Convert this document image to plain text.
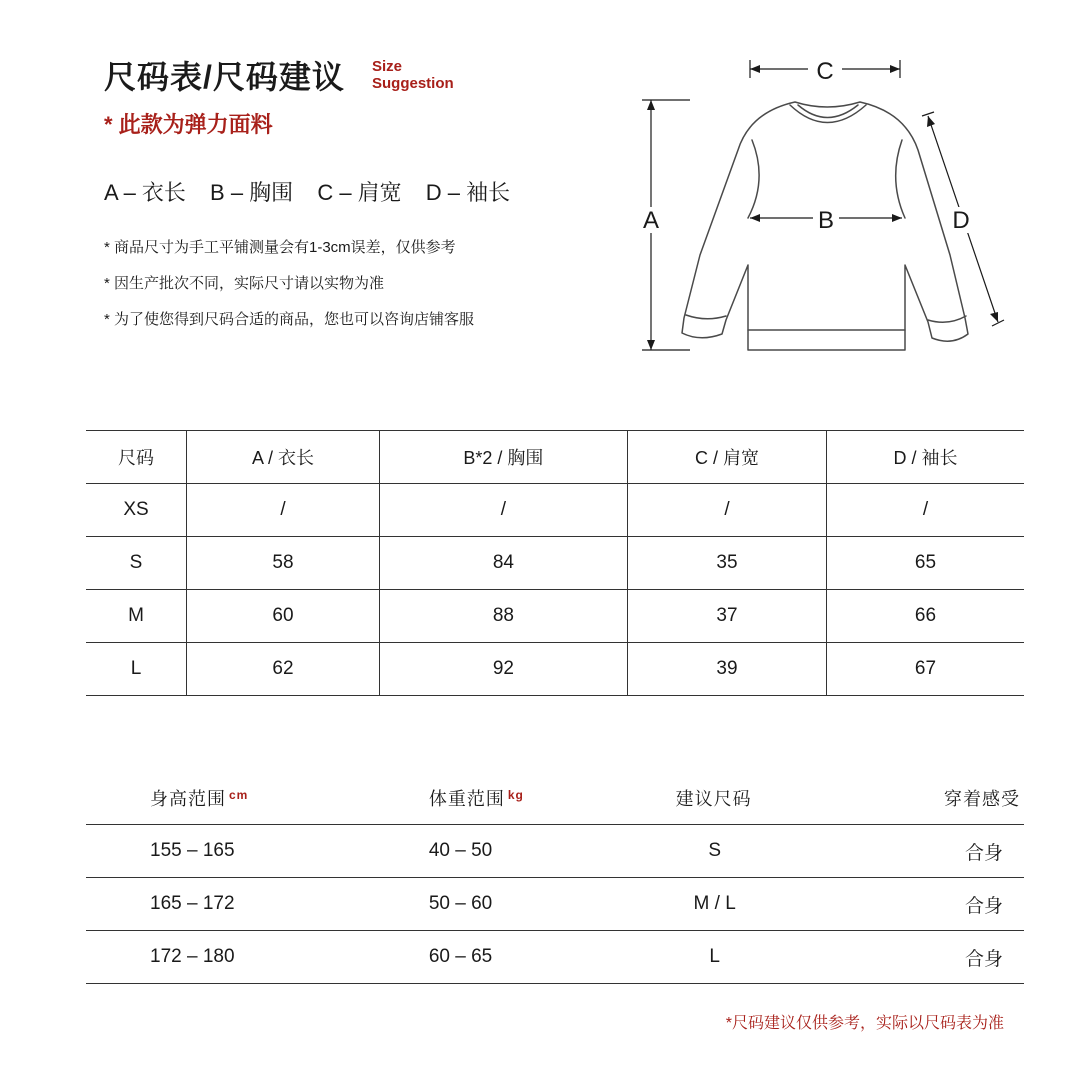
尺码表/尺码建议 Size
Suggestion
* 此款为弹力面料
A – 衣长 B – 胸围 C – 肩宽 D – 袖长
* 商品尺寸为手工平铺测量会有1-3cm误差，仅供参考
* 因生产批次不同，实际尺寸请以实物为准
* 为了使您得到尺码合适的商品，您也可以咨询店铺客服
C
B
A	D
尺码	A / 衣长	B*2 / 胸围	C / 肩宽	D / 袖长
XS	/	/	/	/
S	58	84	35	65
M	60	88	37	66
L	62	92	39	67
身高范围 $^{cm}$	体重范围 $^{kg}$	建议尺码	穿着感受
155 – 165	40 – 50	S	合身
165 – 172	50 – 60	M / L	合身
172 – 180	60 – 65	L	合身
*尺码建议仅供参考，实际以尺码表为准
